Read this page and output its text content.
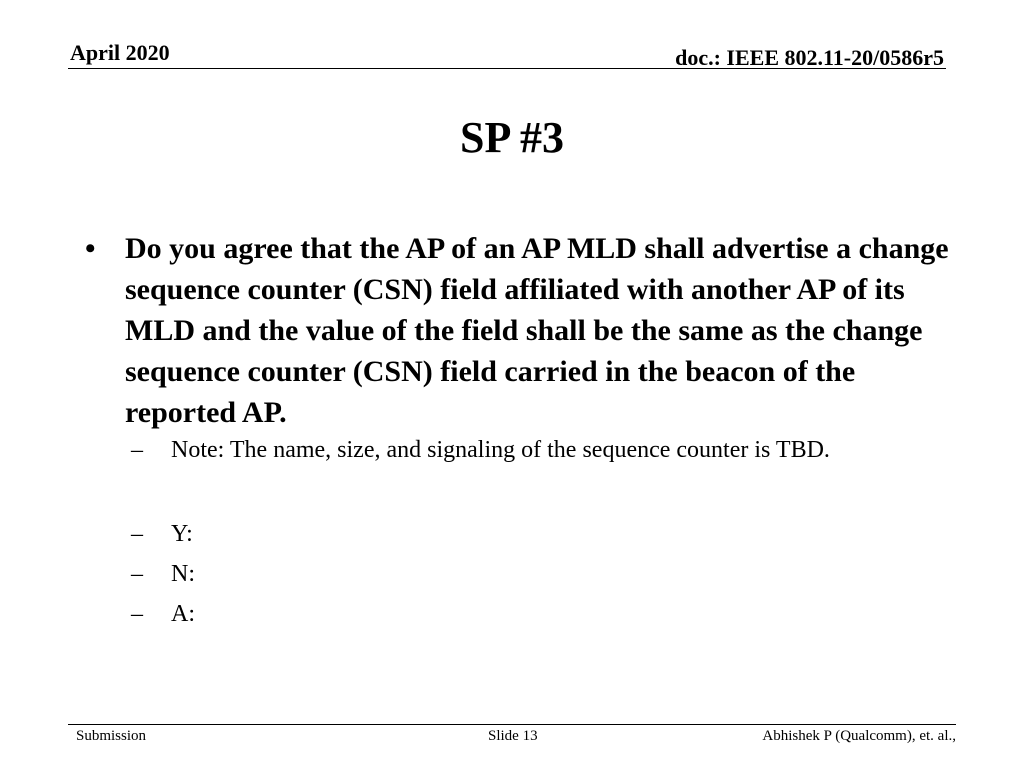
April 2020	doc.: IEEE 802.11-20/0586r5
SP #3
• Do you agree that the AP of an AP MLD shall advertise a change sequence counter (CSN) field affiliated with another AP of its MLD and the value of the field shall be the same as the change sequence counter (CSN) field carried in the beacon of the reported AP.
– Note: The name, size, and signaling of the sequence counter is TBD.
– Y:
– N:
– A:
Submission	Slide 13	Abhishek P (Qualcomm), et. al.,
